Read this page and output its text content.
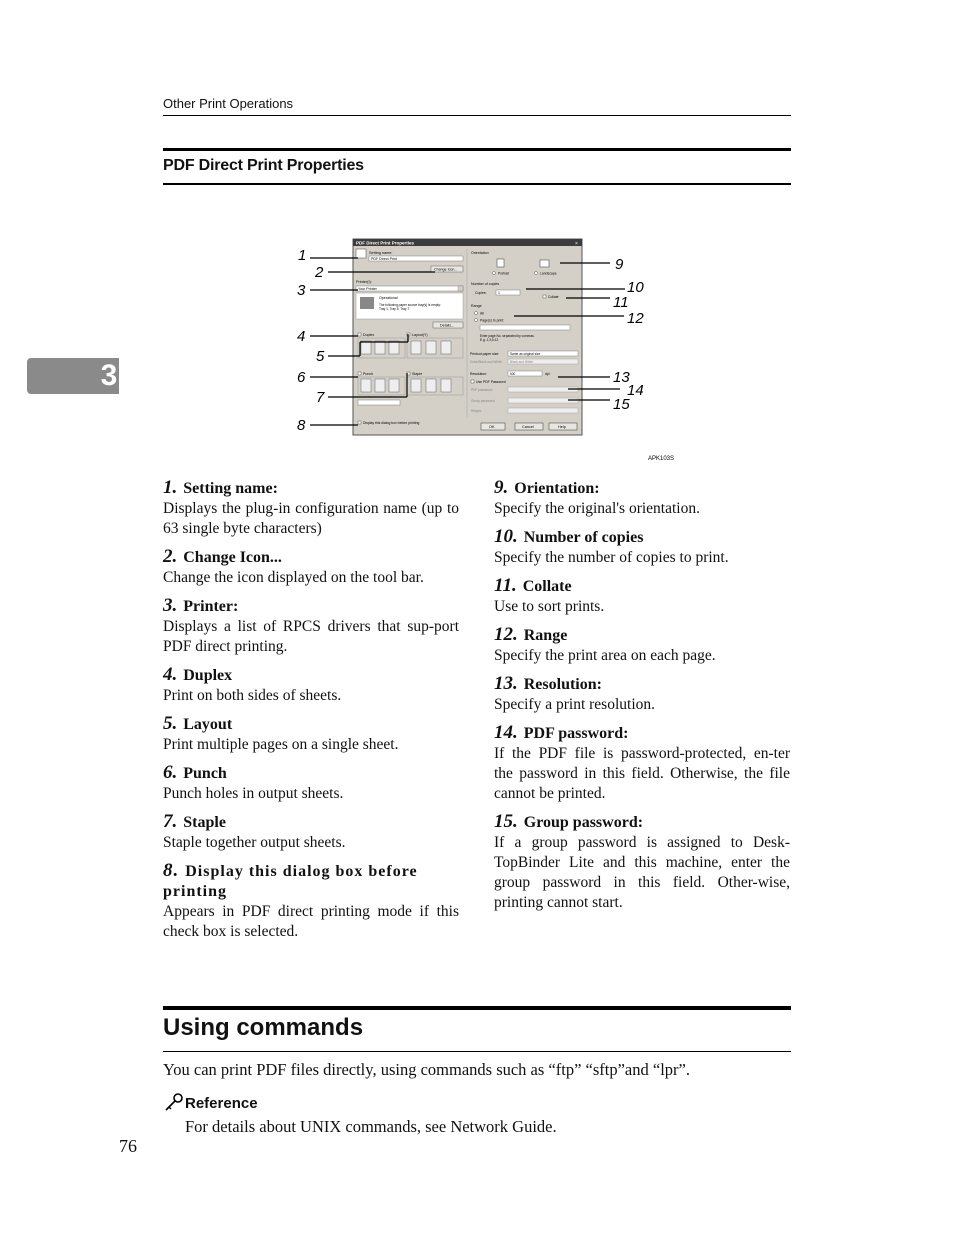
Other Print Operations
PDF Direct Print Properties
3
PDF Direct Print Properties	×
Setting name:
PDF Direct Print
Change Icon...
Printer(I):
Your Printer
Operational
The following paper source tray(s) is empty:
Tray 1, Tray 5, Tray 7
Details...
Duplex	Layout(Y)
Punch	Staple
Display this dialog box before printing
Orientation
Portrait	Landscape
Number of copies
Copies:	1
Collate
Range
All
Page(s) to print:
Enter page No. separated by commas.
E.g. 1,3,5-12
Printout paper size:	Same as original size
Color/Black and White: Black and White
Resolution:	600	dpi
Use PDF Password
PDF password:
Group password:
Retype:
OK	Cancel	Help
1
2
3
4
5
6
7
8
9
10
11
12
13
14
15
APK103S
1. Setting name:

Displays the plug-in configuration name (up to 63 single byte characters)

2. Change Icon...

Change the icon displayed on the tool bar.

3. Printer:

Displays a list of RPCS drivers that sup-port PDF direct printing.

4. Duplex

Print on both sides of sheets.

5. Layout

Print multiple pages on a single sheet.

6. Punch

Punch holes in output sheets.

7. Staple

Staple together output sheets.

8. Display this dialog box before printing

Appears in PDF direct printing mode if this check box is selected.

9. Orientation:

Specify the original's orientation.

10. Number of copies

Specify the number of copies to print.

11. Collate

Use to sort prints.

12. Range

Specify the print area on each page.

13. Resolution:

Specify a print resolution.

14. PDF password:

If the PDF file is password-protected, en-ter the password in this field. Otherwise, the file cannot be printed.

15. Group password:

If a group password is assigned to Desk-TopBinder Lite and this machine, enter the group password in this field. Other-wise, printing cannot start.

Using commands
You can print PDF files directly, using commands such as “ftp” “sftp”and “lpr”.
Reference
For details about UNIX commands, see Network Guide.
76
